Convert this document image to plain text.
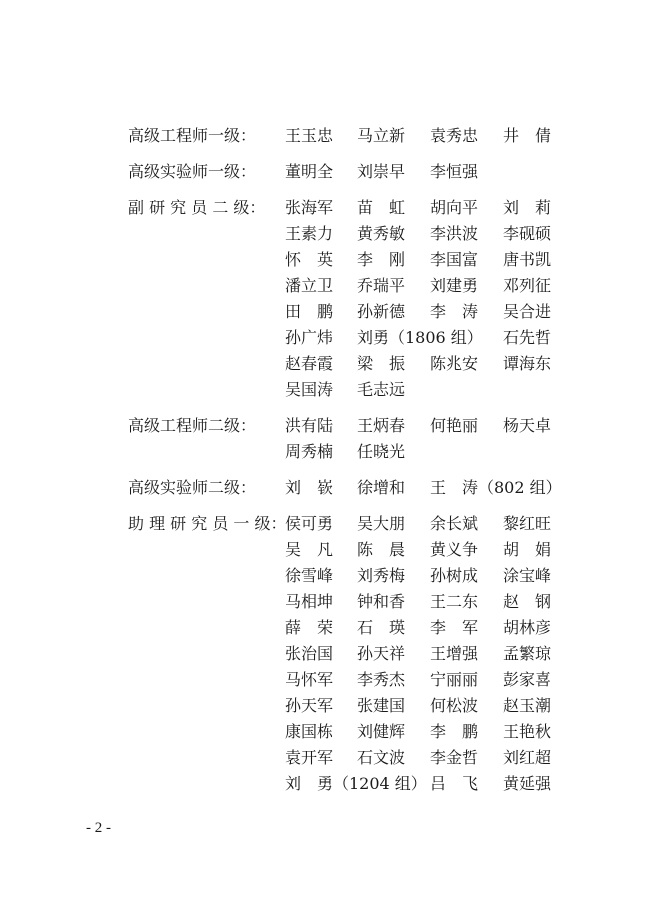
高级工程师一级： 王玉忠 马立新 袁秀忠 井　倩
高级实验师一级： 董明全 刘崇早 李恒强
副 研 究 员 二 级： 张海军 苗　虹 胡向平 刘　莉
王素力 黄秀敏 李洪波 李砚硕
怀　英 李　刚 李国富 唐书凯
潘立卫 乔瑞平 刘建勇 邓列征
田　鹏 孙新德 李　涛 吴合进
孙广炜 刘勇（1806 组） 石先哲
赵春霞 梁　振 陈兆安 谭海东
吴国涛 毛志远
高级工程师二级： 洪有陆 王炳春 何艳丽 杨天卓
周秀楠 任晓光
高级实验师二级： 刘　嵚 徐增和 王　涛（802 组）
助 理 研 究 员 一 级：
侯可勇 吴大朋 余长斌 黎红旺
吴　凡 陈　晨 黄义争 胡　娟
徐雪峰 刘秀梅 孙树成 涂宝峰
马相坤 钟和香 王二东 赵　钢
薛　荣 石　瑛 李　军 胡林彦
张治国 孙天祥 王增强 孟繁琼
马怀军 李秀杰 宁丽丽 彭家喜
孙天军 张建国 何松波 赵玉潮
康国栋 刘健辉 李　鹏 王艳秋
袁开军 石文波 李金哲 刘红超
刘　勇（1204 组） 吕　飞 黄延强
- 2 -
